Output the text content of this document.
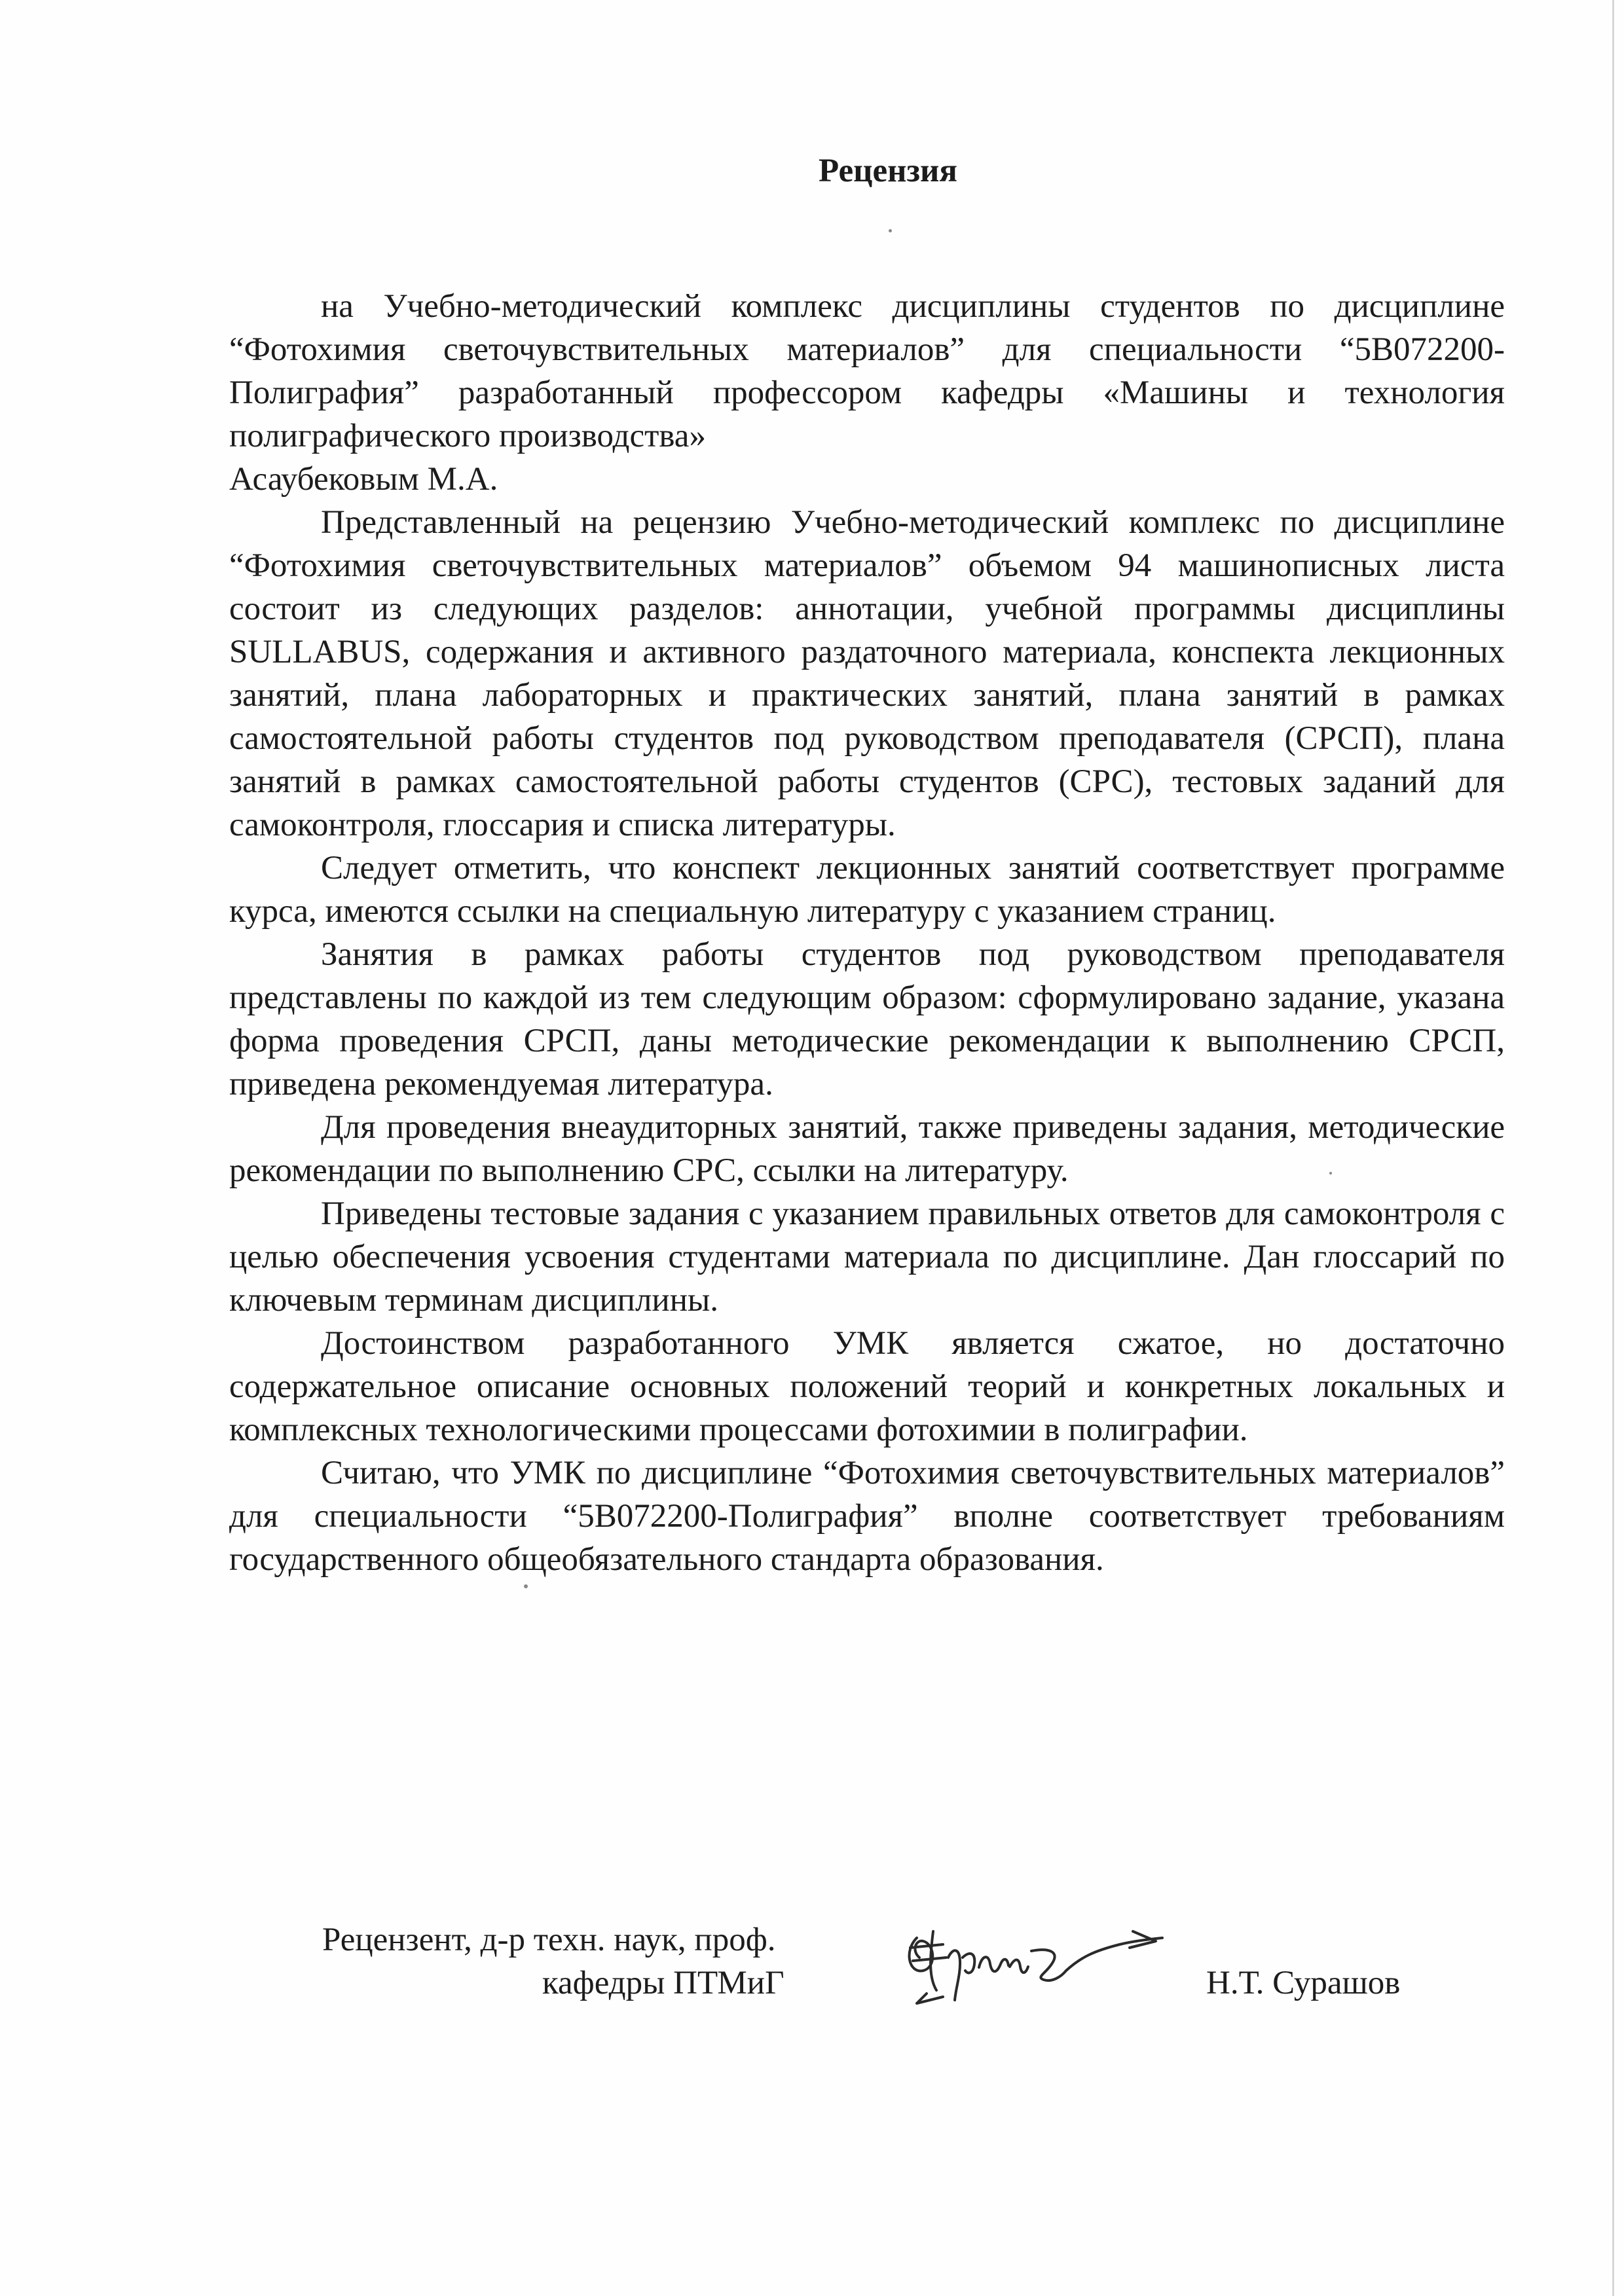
Рецензия

на Учебно-методический комплекс дисциплины студентов по дисциплине “Фотохимия светочувствительных материалов” для специальности “5В072200-Полиграфия” разработанный профессором кафедры «Машины и технология полиграфического производства»
Асаубековым М.А.

Представленный на рецензию Учебно-методический комплекс по дисциплине “Фотохимия светочувствительных материалов” объемом 94 машинописных листа состоит из следующих разделов: аннотации, учебной программы дисциплины SULLABUS, содержания и активного раздаточного материала, конспекта лекционных занятий, плана лабораторных и практических занятий, плана занятий в рамках самостоятельной работы студентов под руководством преподавателя (СРСП), плана занятий в рамках самостоятельной работы студентов (СРС), тестовых заданий для самоконтроля, глоссария и списка литературы.

Следует отметить, что конспект лекционных занятий соответствует программе курса, имеются ссылки на специальную литературу с указанием страниц.

Занятия в рамках работы студентов под руководством преподавателя представлены по каждой из тем следующим образом: сформулировано задание, указана форма проведения СРСП, даны методические рекомендации к выполнению СРСП, приведена рекомендуемая литература.

Для проведения внеаудиторных занятий, также приведены задания, методические рекомендации по выполнению СРС, ссылки на литературу.

Приведены тестовые задания с указанием правильных ответов для самоконтроля с целью обеспечения усвоения студентами материала по дисциплине. Дан глоссарий по ключевым терминам дисциплины.

Достоинством разработанного УМК является сжатое, но достаточно содержательное описание основных положений теорий и конкретных локальных и комплексных технологическими процессами фотохимии в полиграфии.

Считаю, что УМК по дисциплине “Фотохимия светочувствительных материалов” для специальности “5В072200-Полиграфия” вполне соответствует требованиям государственного общеобязательного стандарта образования.

Рецензент, д-р техн. наук, проф.
кафедры ПТМиГ	Н.Т. Сурашов
